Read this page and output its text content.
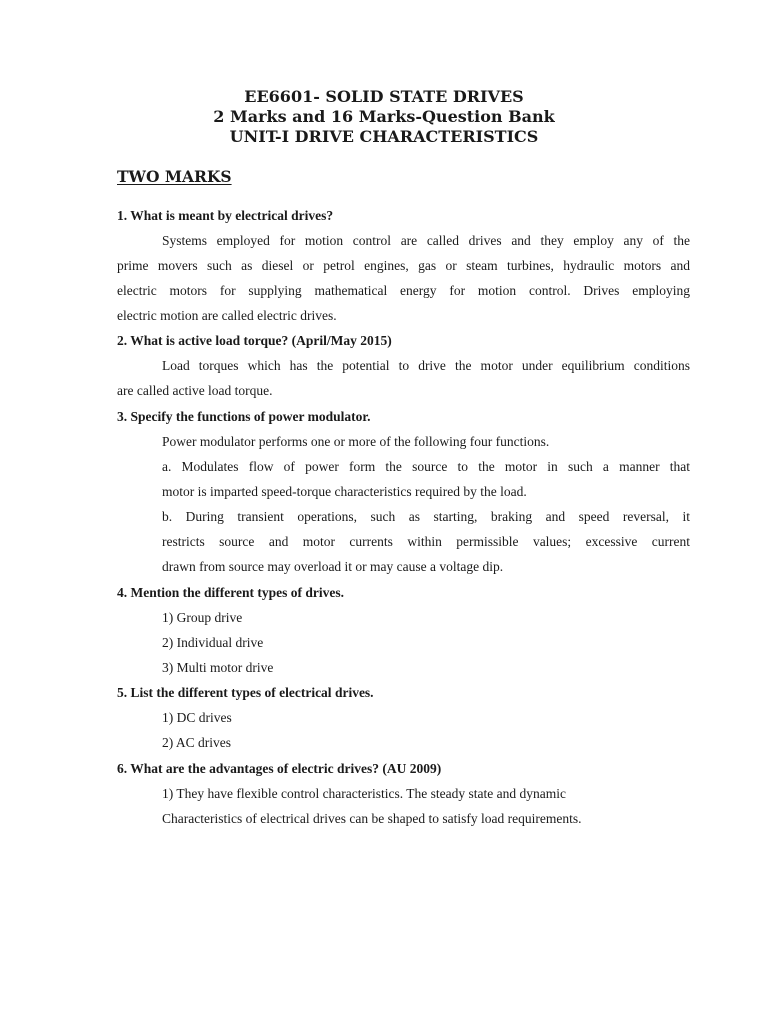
EE6601- SOLID STATE DRIVES
2 Marks and 16 Marks-Question Bank
UNIT-I DRIVE CHARACTERISTICS
TWO MARKS
1. What is meant by electrical drives?
Systems employed for motion control are called drives and they employ any of the
prime movers such as diesel or petrol engines, gas or steam turbines, hydraulic motors and
electric motors for supplying mathematical energy for motion control. Drives employing
electric motion are called electric drives.
2. What is active load torque? (April/May 2015)
Load torques which has the potential to drive the motor under equilibrium conditions
are called active load torque.
3. Specify the functions of power modulator.
Power modulator performs one or more of the following four functions.
a. Modulates flow of power form the source to the motor in such a manner that
motor is imparted speed-torque characteristics required by the load.
b. During transient operations, such as starting, braking and speed reversal, it
restricts source and motor currents within permissible values; excessive current
drawn from source may overload it or may cause a voltage dip.
4. Mention the different types of drives.
1) Group drive
2) Individual drive
3) Multi motor drive
5. List the different types of electrical drives.
1) DC drives
2) AC drives
6. What are the advantages of electric drives? (AU 2009)
1) They have flexible control characteristics. The steady state and dynamic
Characteristics of electrical drives can be shaped to satisfy load requirements.
